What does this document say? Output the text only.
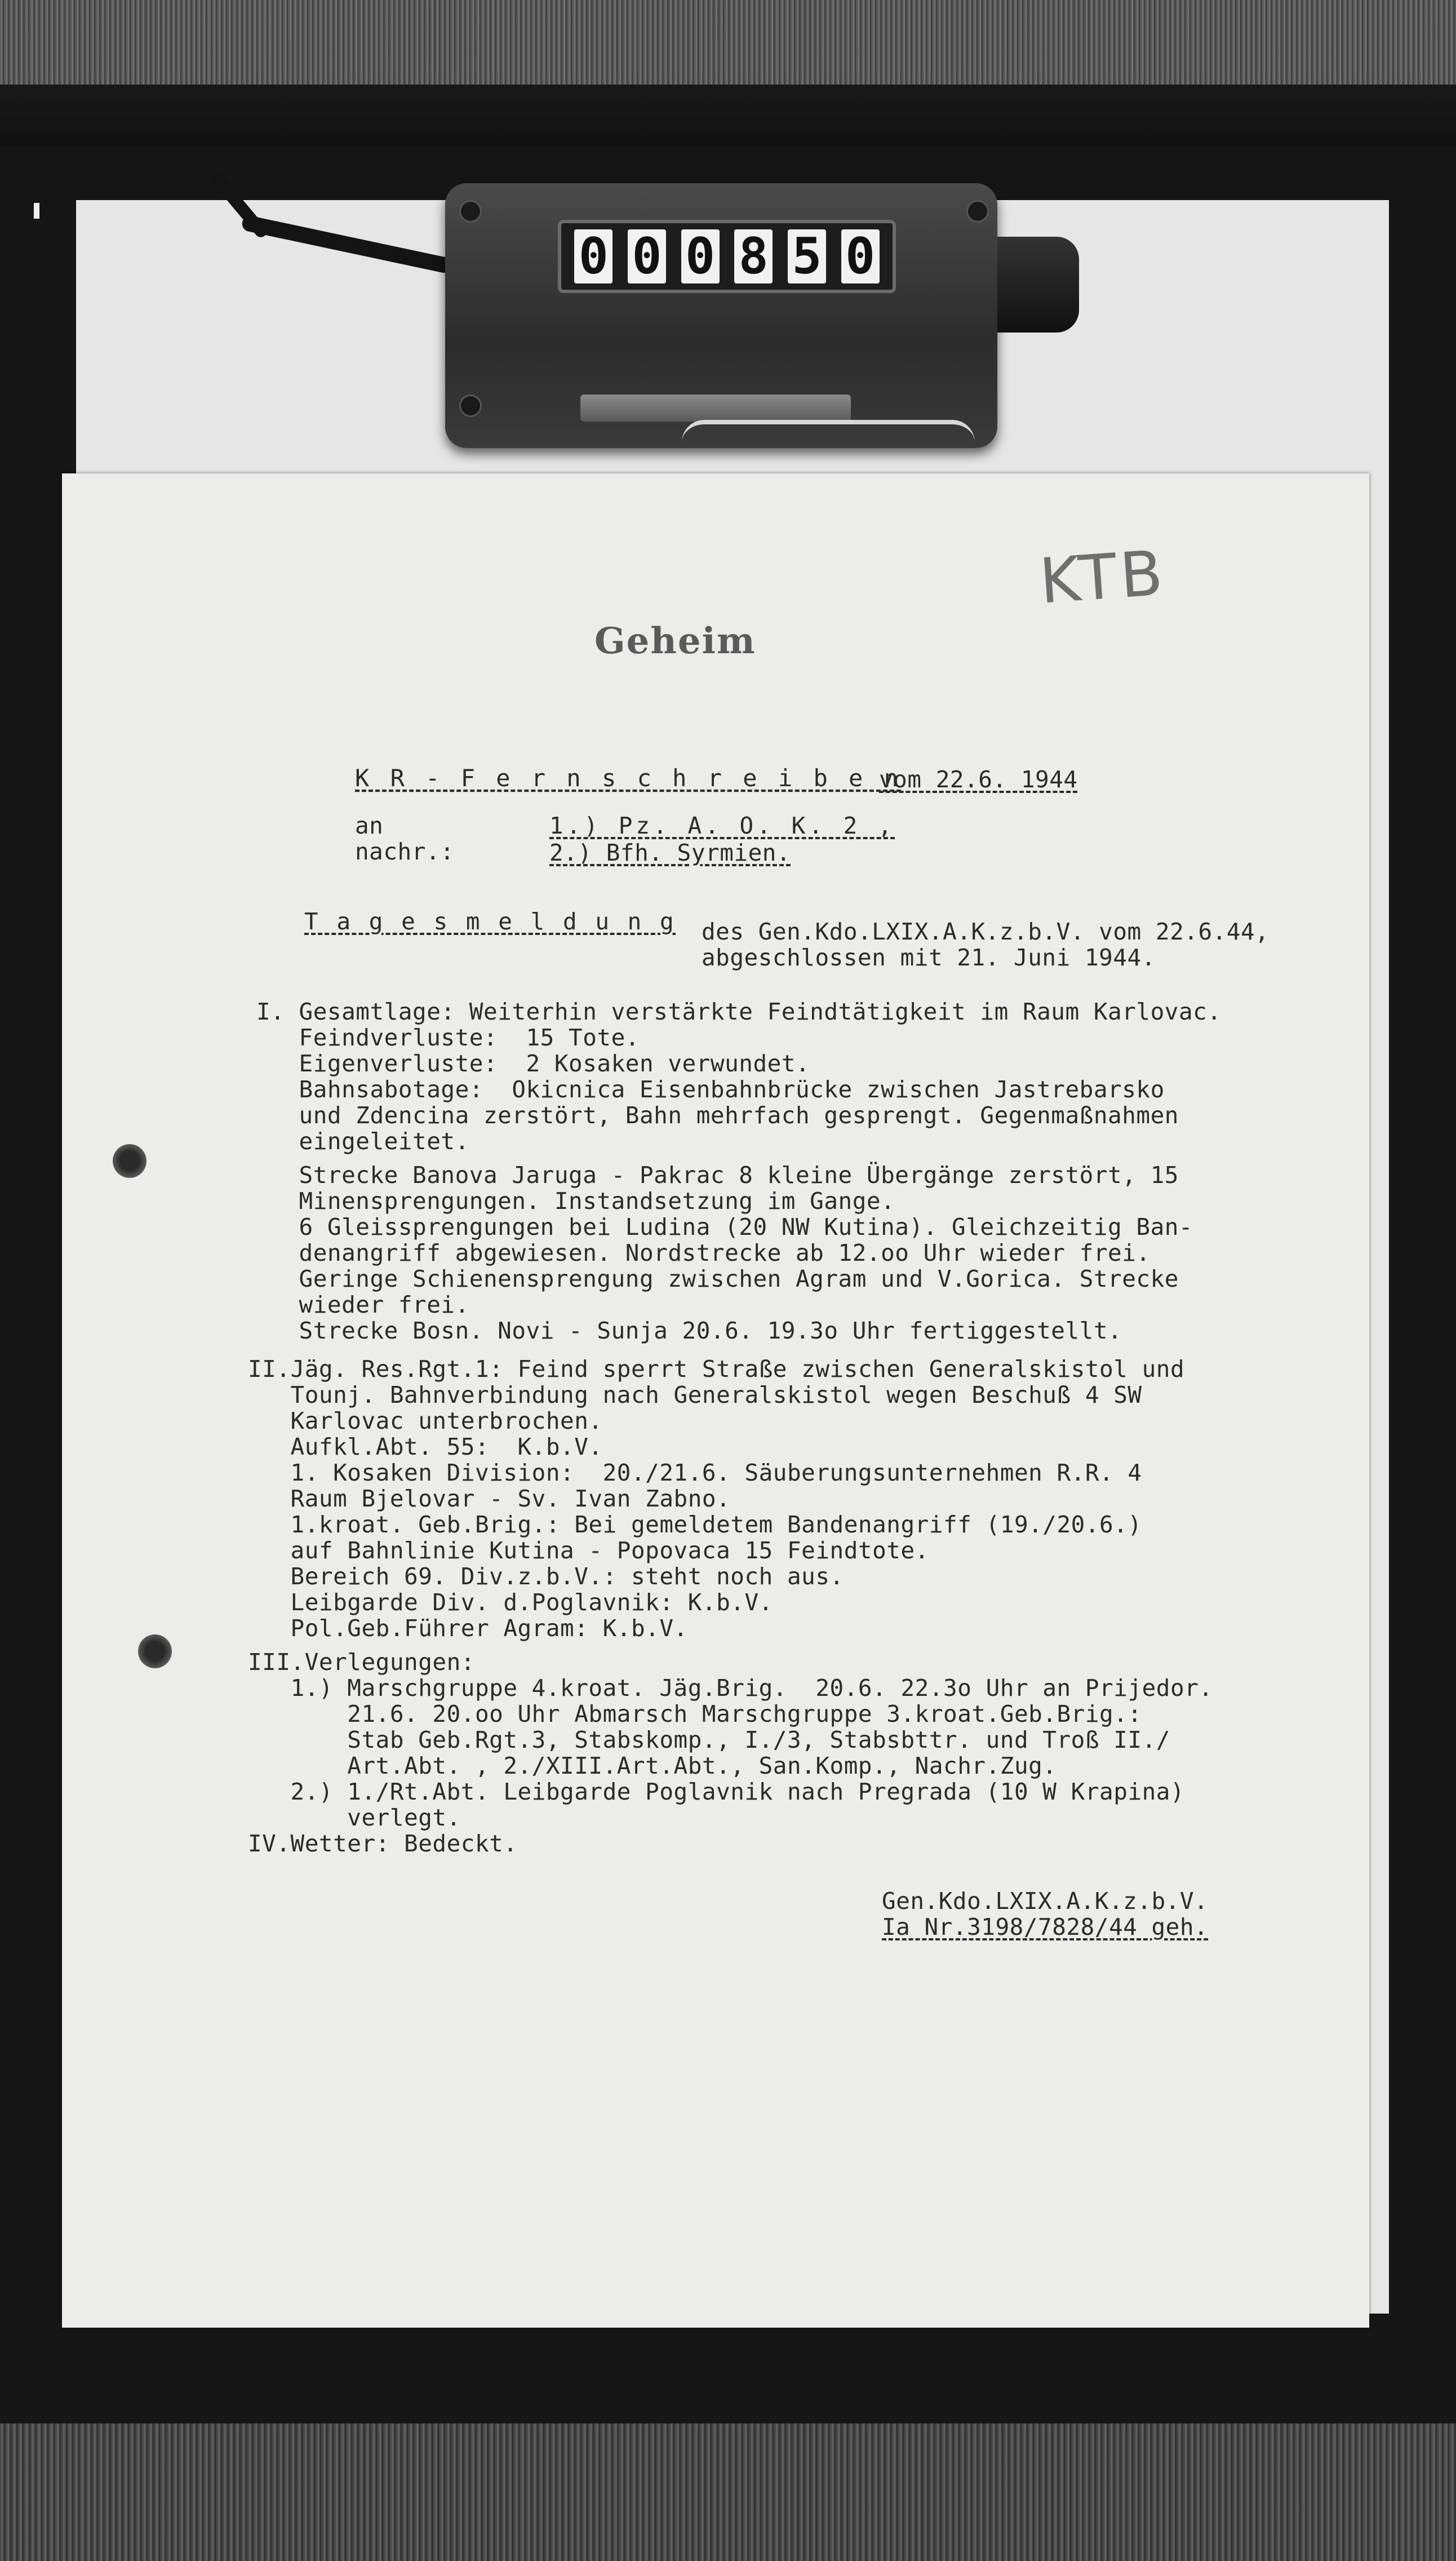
0 0 0 8 5 0
KTB
Geheim
K R - F e r n s c h r e i b e n
vom 22.6. 1944
an
nachr.:
1.) Pz. A. O. K. 2 ,
2.) Bfh. Syrmien.
T a g e s m e l d u n g des Gen.Kdo.LXIX.A.K.z.b.V. vom 22.6.44,
abgeschlossen mit 21. Juni 1944.
I. Gesamtlage: Weiterhin verstärkte Feindtätigkeit im Raum Karlovac.
Feindverluste:  15 Tote.
Eigenverluste:  2 Kosaken verwundet.
Bahnsabotage:  Okicnica Eisenbahnbrücke zwischen Jastrebarsko
und Zdencina zerstört, Bahn mehrfach gesprengt. Gegenmaßnahmen
eingeleitet.
Strecke Banova Jaruga - Pakrac 8 kleine Übergänge zerstört, 15
Minensprengungen. Instandsetzung im Gange.
6 Gleissprengungen bei Ludina (20 NW Kutina). Gleichzeitig Ban-
denangriff abgewiesen. Nordstrecke ab 12.oo Uhr wieder frei.
Geringe Schienensprengung zwischen Agram und V.Gorica. Strecke
wieder frei.
Strecke Bosn. Novi - Sunja 20.6. 19.3o Uhr fertiggestellt.
II.Jäg. Res.Rgt.1: Feind sperrt Straße zwischen Generalskistol und
Tounj. Bahnverbindung nach Generalskistol wegen Beschuß 4 SW
Karlovac unterbrochen.
Aufkl.Abt. 55:  K.b.V.
1. Kosaken Division:  20./21.6. Säuberungsunternehmen R.R. 4
Raum Bjelovar - Sv. Ivan Zabno.
1.kroat. Geb.Brig.: Bei gemeldetem Bandenangriff (19./20.6.)
auf Bahnlinie Kutina - Popovaca 15 Feindtote.
Bereich 69. Div.z.b.V.: steht noch aus.
Leibgarde Div. d.Poglavnik: K.b.V.
Pol.Geb.Führer Agram: K.b.V.
III.Verlegungen:
1.) Marschgruppe 4.kroat. Jäg.Brig.  20.6. 22.3o Uhr an Prijedor.
21.6. 20.oo Uhr Abmarsch Marschgruppe 3.kroat.Geb.Brig.:
Stab Geb.Rgt.3, Stabskomp., I./3, Stabsbttr. und Troß II./
Art.Abt. , 2./XIII.Art.Abt., San.Komp., Nachr.Zug.
2.) 1./Rt.Abt. Leibgarde Poglavnik nach Pregrada (10 W Krapina)
verlegt.
IV.Wetter: Bedeckt.
Gen.Kdo.LXIX.A.K.z.b.V.
Ia Nr.3198/7828/44 geh.
